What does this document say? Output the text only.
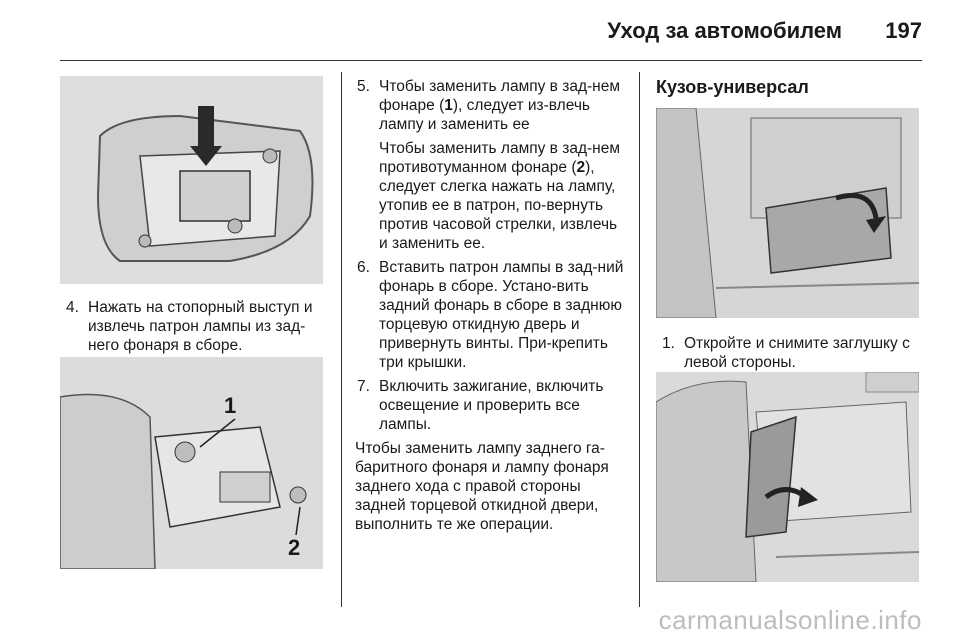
Уход за автомобилем 197
4. Нажать на стопорный выступ и извлечь патрон лампы из зад-него фонаря в сборе.
1
2
5. Чтобы заменить лампу в зад-нем фонаре (1), следует из-влечь лампу и заменить ее

Чтобы заменить лампу в зад-нем противотуманном фонаре (2), следует слегка нажать на лампу, утопив ее в патрон, по-вернуть против часовой стрелки, извлечь и заменить ее.

6. Вставить патрон лампы в зад-ний фонарь в сборе. Устано-вить задний фонарь в сборе в заднюю торцевую откидную дверь и привернуть винты. При-крепить три крышки.
7. Включить зажигание, включить освещение и проверить все лампы.

Чтобы заменить лампу заднего га-баритного фонаря и лампу фонаря заднего хода с правой стороны задней торцевой откидной двери, выполнить те же операции.

Кузов-универсал
1. Откройте и снимите заглушку с левой стороны.
carmanualsonline.info
